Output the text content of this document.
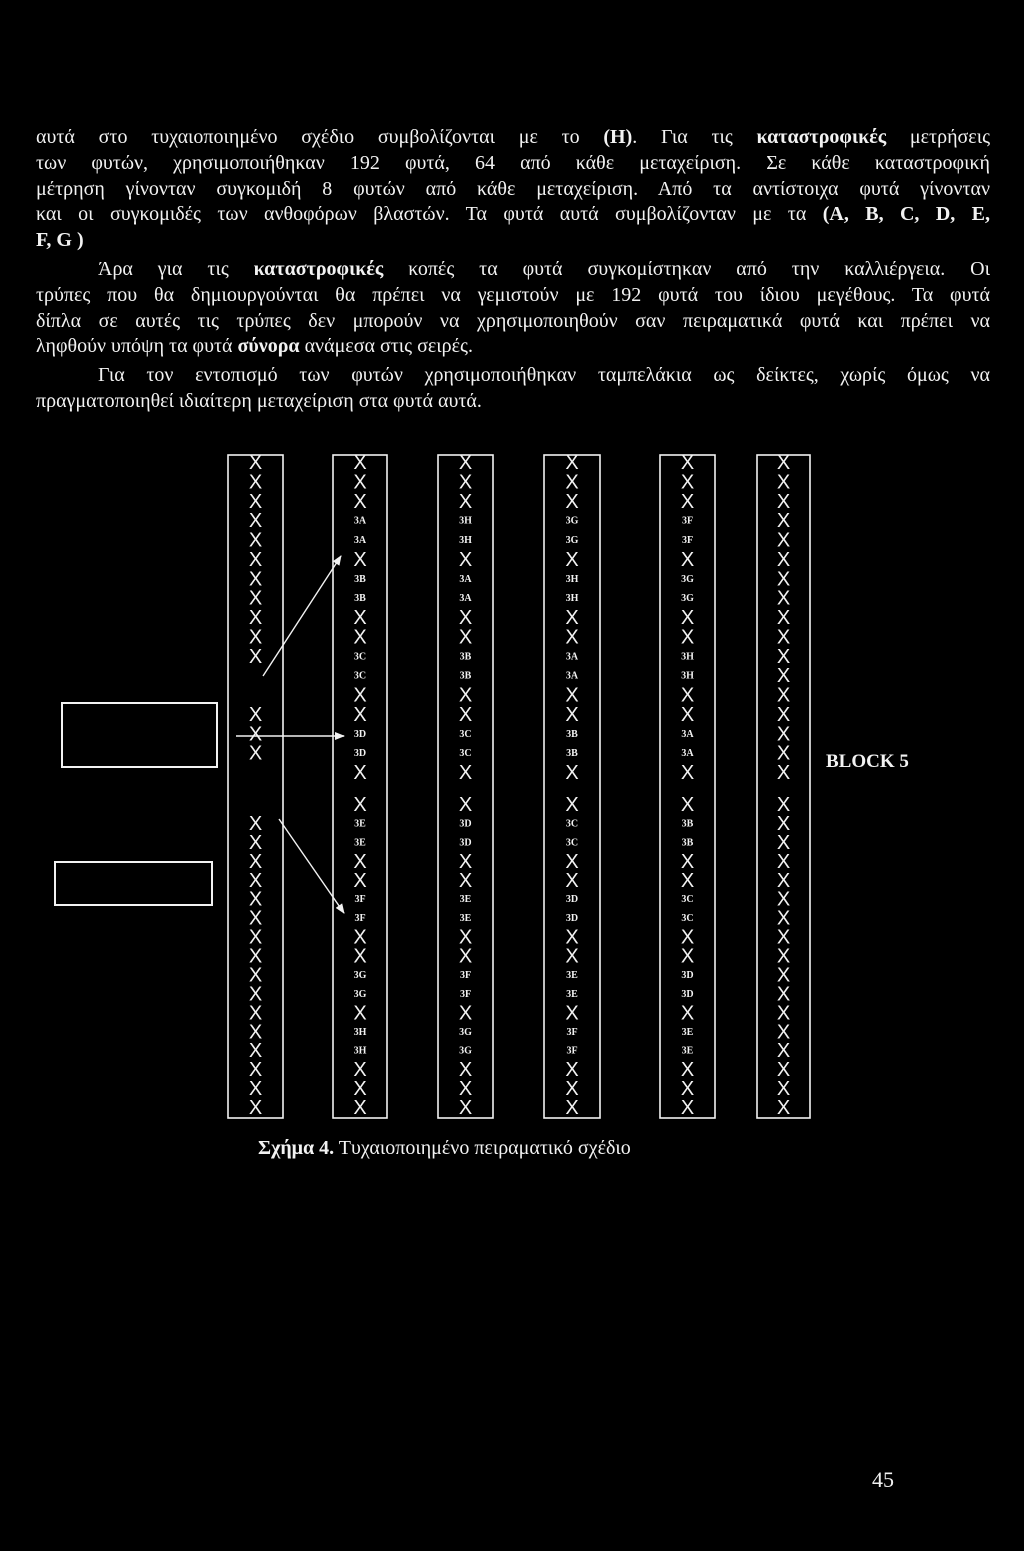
αυτά στο τυχαιοποιημένο σχέδιο συμβολίζονται με το (H). Για τις καταστροφικές μετρήσεις
των φυτών, χρησιμοποιήθηκαν 192 φυτά, 64 από κάθε μεταχείριση. Σε κάθε καταστροφική
μέτρηση γίνονταν συγκομιδή 8 φυτών από κάθε μεταχείριση. Από τα αντίστοιχα φυτά γίνονταν
και οι συγκομιδές των ανθοφόρων βλαστών. Τα φυτά αυτά συμβολίζονταν με τα (A, B, C, D, E,
F, G )
Άρα για τις καταστροφικές κοπές τα φυτά συγκομίστηκαν από την καλλιέργεια. Οι
τρύπες που θα δημιουργούνται θα πρέπει να γεμιστούν με 192 φυτά του ίδιου μεγέθους. Τα φυτά
δίπλα σε αυτές τις τρύπες δεν μπορούν να χρησιμοποιηθούν σαν πειραματικά φυτά και πρέπει να
ληφθούν υπόψη τα φυτά σύνορα ανάμεσα στις σειρές.
Για τον εντοπισμό των φυτών χρησιμοποιήθηκαν ταμπελάκια ως δείκτες, χωρίς όμως να
πραγματοποιηθεί ιδιαίτερη μεταχείριση στα φυτά αυτά.
X
X
X
X
X
X
X
X
X
X
X
X
X
X
X
X
X
X
X
X
X
X
X
X
X
X
X
X
X
X
X
X
X
3A
3A
X
3B
3B
X
X
3C
3C
X
X
3D
3D
X
X
3E
3E
X
X
3F
3F
X
X
3G
3G
X
3H
3H
X
X
X
X
X
X
3H
3H
X
3A
3A
X
X
3B
3B
X
X
3C
3C
X
X
3D
3D
X
X
3E
3E
X
X
3F
3F
X
3G
3G
X
X
X
X
X
X
3G
3G
X
3H
3H
X
X
3A
3A
X
X
3B
3B
X
X
3C
3C
X
X
3D
3D
X
X
3E
3E
X
3F
3F
X
X
X
X
X
X
3F
3F
X
3G
3G
X
X
3H
3H
X
X
3A
3A
X
X
3B
3B
X
X
3C
3C
X
X
3D
3D
X
3E
3E
X
X
X
X
X
X
X
X
X
X
X
X
X
X
X
X
X
X
X
X
X
X
X
X
X
X
X
X
X
X
X
X
X
X
X
X
X
BLOCK 5
Σχήμα 4. Τυχαιοποιημένο πειραματικό σχέδιο
45
